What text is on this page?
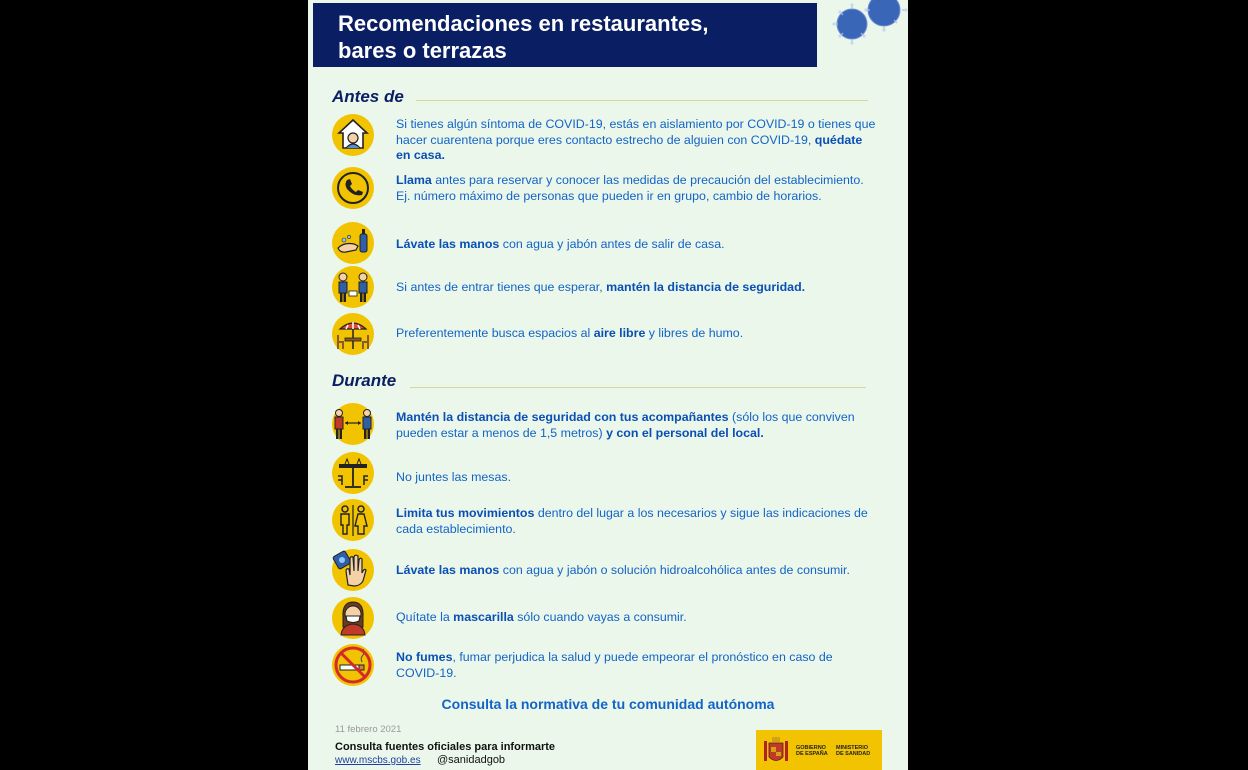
Recomendaciones en restaurantes,
bares o terrazas
Antes de
Si tienes algún síntoma de COVID-19, estás en aislamiento por COVID-19 o tienes que hacer cuarentena porque eres contacto estrecho de alguien con COVID-19, quédate en casa.
Llama antes para reservar y conocer las medidas de precaución del establecimiento. Ej. número máximo de personas que pueden ir en grupo, cambio de horarios.
Lávate las manos con agua y jabón antes de salir de casa.
Si antes de entrar tienes que esperar, mantén la distancia de seguridad.
Preferentemente busca espacios al aire libre y libres de humo.
Durante
Mantén la distancia de seguridad con tus acompañantes (sólo los que conviven pueden estar a menos de 1,5 metros) y con el personal del local.
No juntes las mesas.
Limita tus movimientos dentro del lugar a los necesarios y sigue las indicaciones de cada establecimiento.
Lávate las manos con agua y jabón o solución hidroalcohólica antes de consumir.
Quítate la mascarilla sólo cuando vayas a consumir.
No fumes, fumar perjudica la salud y puede empeorar el pronóstico en caso de COVID-19.
Consulta la normativa de tu comunidad autónoma
11 febrero 2021
Consulta fuentes oficiales para informarte
www.mscbs.gob.es @sanidadgob
GOBIERNO
DE ESPAÑA
MINISTERIO
DE SANIDAD
